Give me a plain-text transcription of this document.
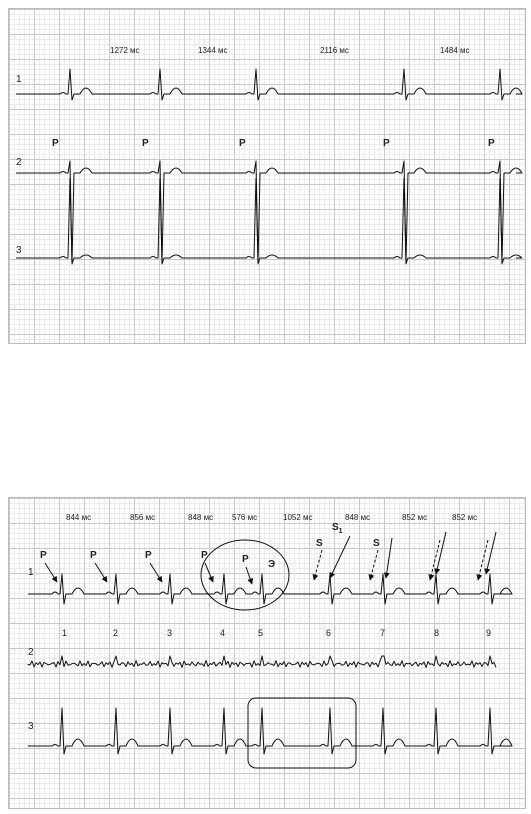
1272 мс	1344 мс	2116 мс	1484 мс
1
2
3
P	P	P	P	P
844 мс	856 мс	848 мс 576 мс	1052 мс	848 мс	852 мс	852 мс
1
2
3
P	P	P	P	P Э
S
$S_1$
S
1	2	3	4	5	6	7	8	9
